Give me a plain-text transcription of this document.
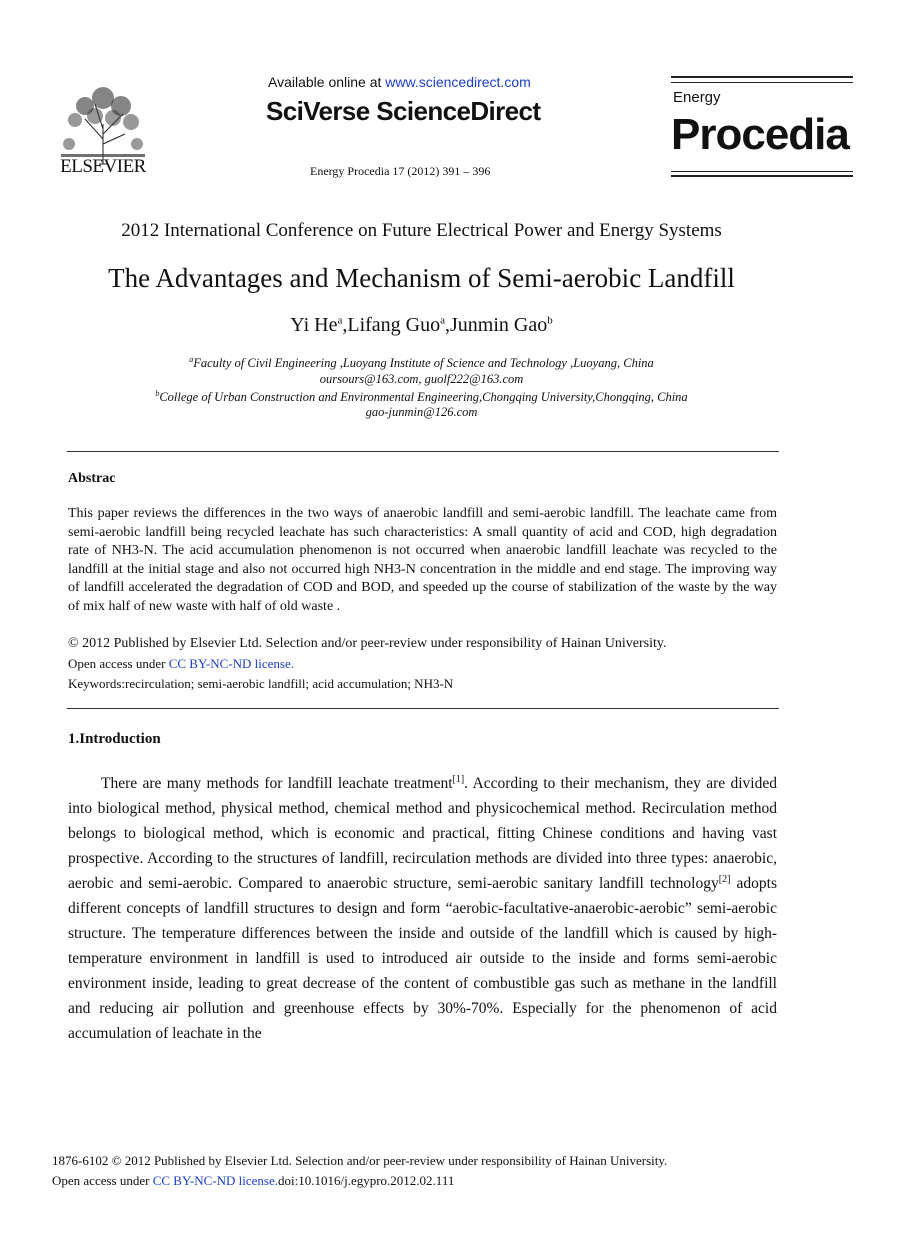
ELSEVIER
Available online at www.sciencedirect.com
SciVerse ScienceDirect
Energy Procedia 17 (2012) 391 – 396
Energy
Procedia
2012 International Conference on Future Electrical Power and Energy Systems
The Advantages and Mechanism of Semi-aerobic Landfill
Yi He$^a$,Lifang Guo$^a$,Junmin Gao$^b$
$^a$Faculty of Civil Engineering ,Luoyang Institute of Science and Technology ,Luoyang, China
oursours@163.com, guolf222@163.com
$^b$College of Urban Construction and Environmental Engineering,Chongqing University,Chongqing, China
gao-junmin@126.com
Abstrac
This paper reviews the differences in the two ways of anaerobic landfill and semi-aerobic landfill. The leachate came from semi-aerobic landfill being recycled leachate has such characteristics: A small quantity of acid and COD, high degradation rate of NH3-N. The acid accumulation phenomenon is not occurred when anaerobic landfill leachate was recycled to the landfill at the initial stage and also not occurred high NH3-N concentration in the middle and end stage. The improving way of landfill accelerated the degradation of COD and BOD, and speeded up the course of stabilization of the waste by the way of mix half of new waste with half of old waste .
© 2012 Published by Elsevier Ltd. Selection and/or peer-review under responsibility of Hainan University.
Open access under CC BY-NC-ND license.
Keywords:recirculation; semi-aerobic landfill; acid accumulation; NH3-N
1.Introduction

There are many methods for landfill leachate treatment[1]. According to their mechanism, they are divided into biological method, physical method, chemical method and physicochemical method. Recirculation method belongs to biological method, which is economic and practical, fitting Chinese conditions and having vast prospective. According to the structures of landfill, recirculation methods are divided into three types: anaerobic, aerobic and semi-aerobic. Compared to anaerobic structure, semi-aerobic sanitary landfill technology[2] adopts different concepts of landfill structures to design and form “aerobic-facultative-anaerobic-aerobic” semi-aerobic structure. The temperature differences between the inside and outside of the landfill which is caused by high-temperature environment in landfill is used to introduced air outside to the inside and forms semi-aerobic environment inside, leading to great decrease of the content of combustible gas such as methane in the landfill and reducing air pollution and greenhouse effects by 30%-70%. Especially for the phenomenon of acid accumulation of leachate in the

1876-6102 © 2012 Published by Elsevier Ltd. Selection and/or peer-review under responsibility of Hainan University.
Open access under CC BY-NC-ND license.doi:10.1016/j.egypro.2012.02.111
